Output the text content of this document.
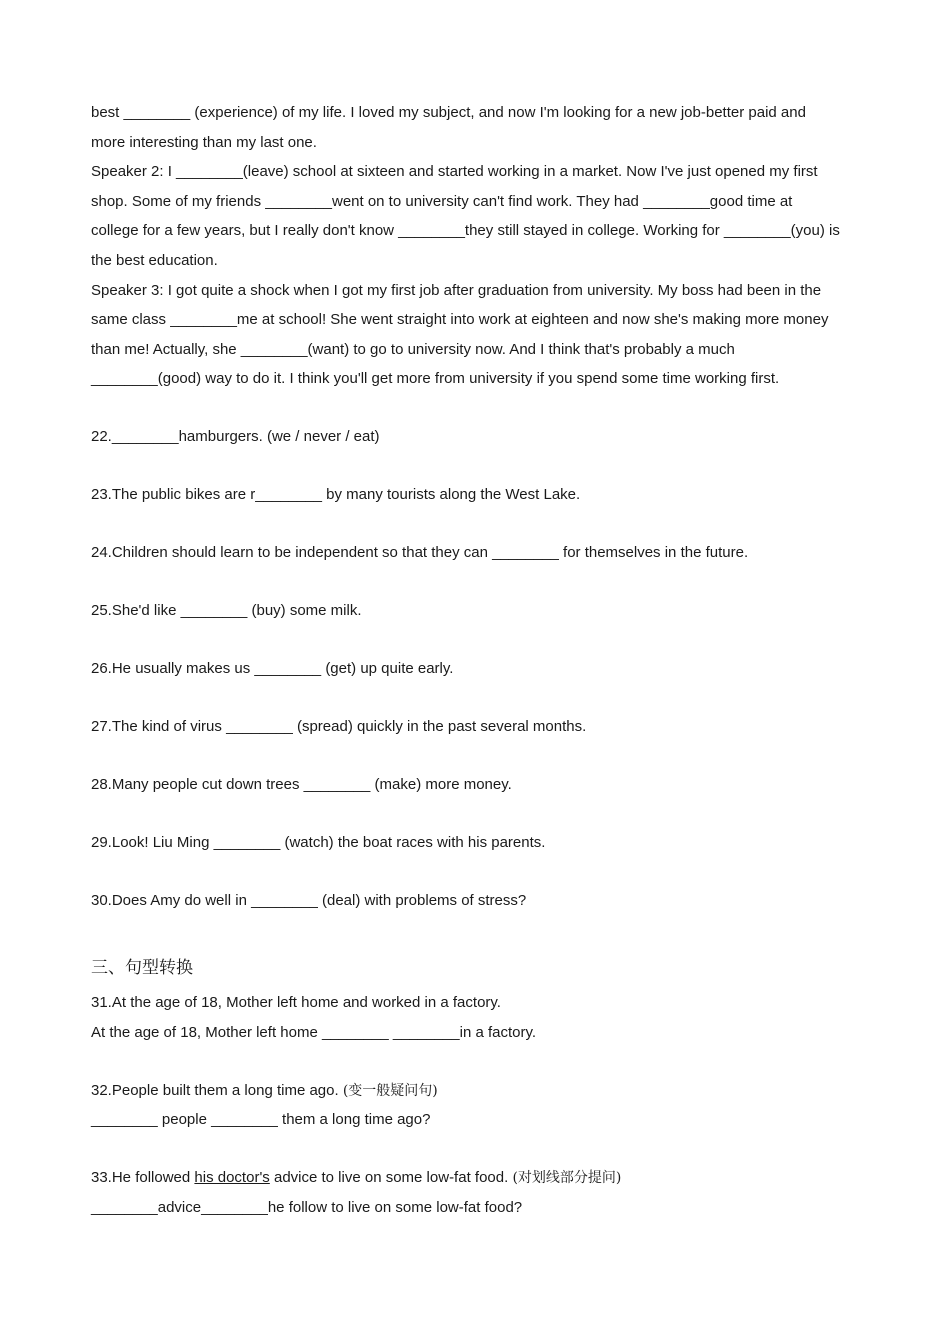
best ________ (experience) of my life. I loved my subject, and now I'm looking for a new job-better paid and
more interesting than my last one.
Speaker 2: I ________(leave) school at sixteen and started working in a market. Now I've just opened my first
shop. Some of my friends ________went on to university can't find work. They had ________good time at
college for a few years, but I really don't know ________they still stayed in college. Working for ________(you) is
the best education.
Speaker 3: I got quite a shock when I got my first job after graduation from university. My boss had been in the
same class ________me at school! She went straight into work at eighteen and now she's making more money
than me! Actually, she ________(want) to go to university now. And I think that's probably a much
________(good) way to do it. I think you'll get more from university if you spend some time working first.
22.________hamburgers. (we / never / eat)
23.The public bikes are r________ by many tourists along the West Lake.
24.Children should learn to be independent so that they can ________ for themselves in the future.
25.She'd like ________ (buy) some milk.
26.He usually makes us ________ (get) up quite early.
27.The kind of virus ________ (spread) quickly in the past several months.
28.Many people cut down trees ________ (make) more money.
29.Look! Liu Ming ________ (watch) the boat races with his parents.
30.Does Amy do well in ________ (deal) with problems of stress?
三、句型转换
31.At the age of 18, Mother left home and worked in a factory.
At the age of 18, Mother left home ________ ________in a factory.
32.People built them a long time ago. (变一般疑问句)
________ people ________ them a long time ago?
33.He followed his doctor's advice to live on some low-fat food. (对划线部分提问)
________advice________he follow to live on some low-fat food?
